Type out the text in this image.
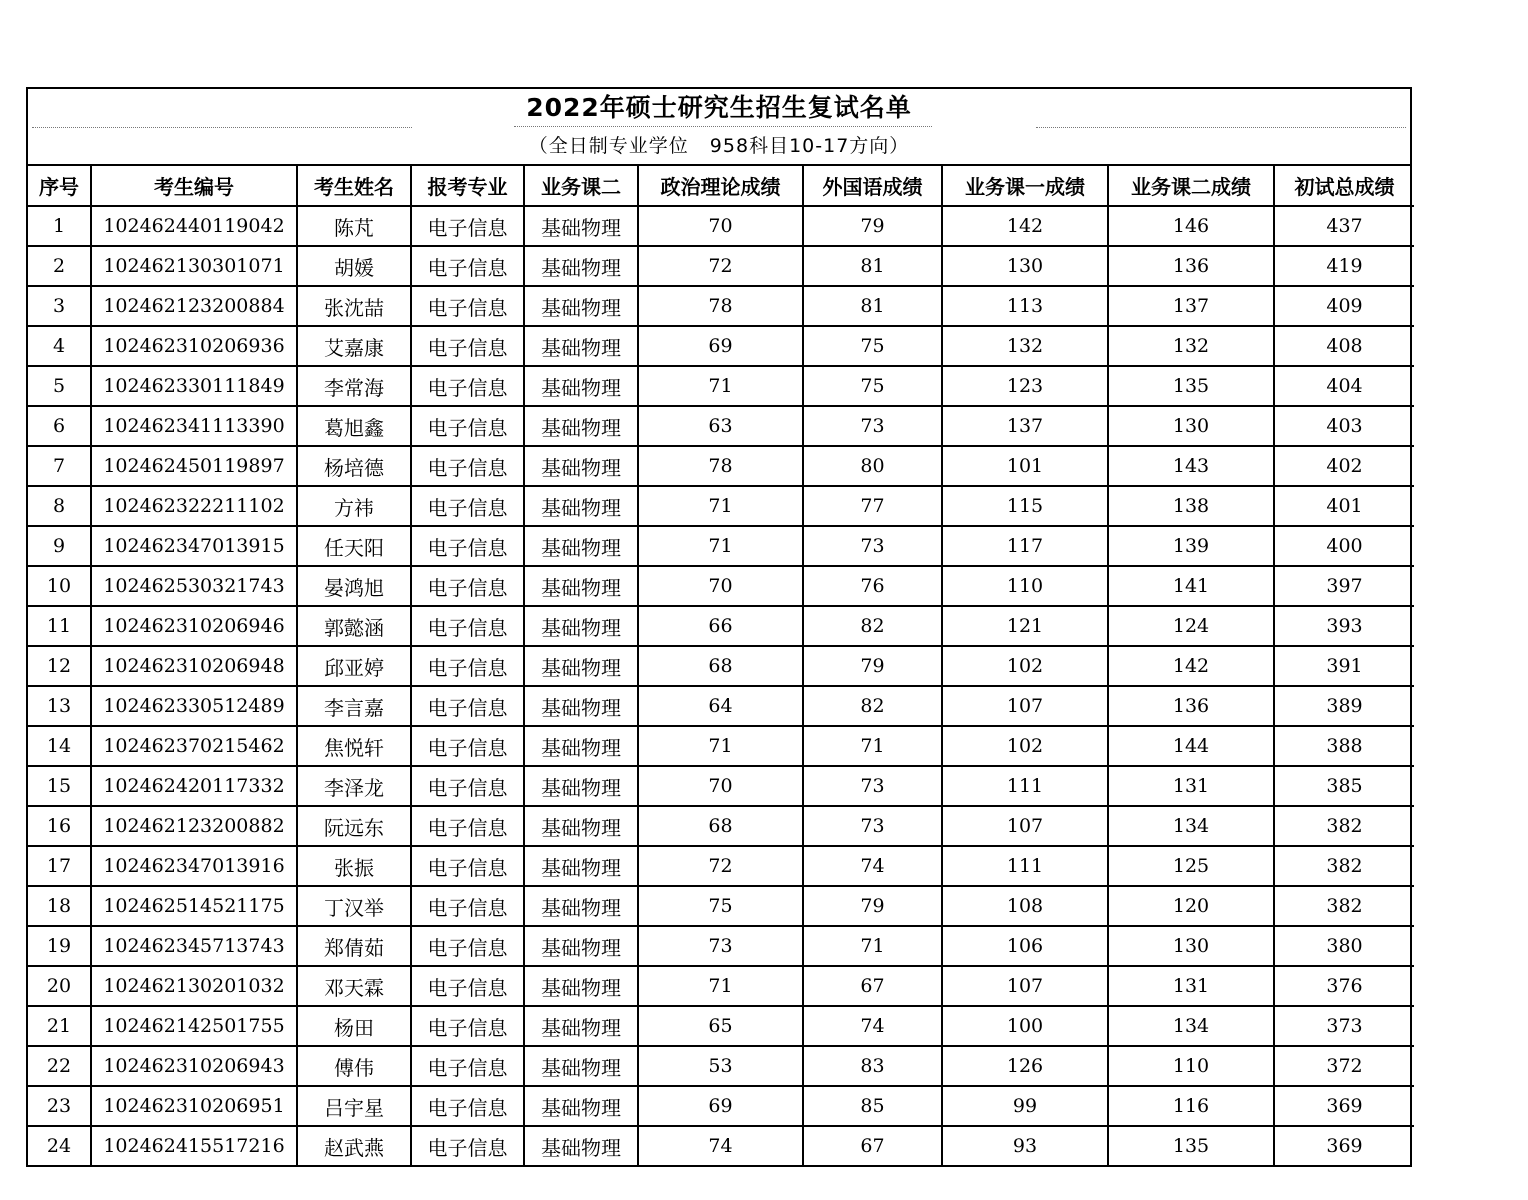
2022年硕士研究生招生复试名单
（全日制专业学位   958科目10-17方向）
序号	考生编号	考生姓名	报考专业	业务课二	政治理论成绩	外国语成绩	业务课一成绩	业务课二成绩	初试总成绩
1	102462440119042	陈芃	电子信息	基础物理	70	79	142	146	437
2	102462130301071	胡媛	电子信息	基础物理	72	81	130	136	419
3	102462123200884	张沈喆	电子信息	基础物理	78	81	113	137	409
4	102462310206936	艾嘉康	电子信息	基础物理	69	75	132	132	408
5	102462330111849	李常海	电子信息	基础物理	71	75	123	135	404
6	102462341113390	葛旭鑫	电子信息	基础物理	63	73	137	130	403
7	102462450119897	杨培德	电子信息	基础物理	78	80	101	143	402
8	102462322211102	方祎	电子信息	基础物理	71	77	115	138	401
9	102462347013915	任天阳	电子信息	基础物理	71	73	117	139	400
10	102462530321743	晏鸿旭	电子信息	基础物理	70	76	110	141	397
11	102462310206946	郭懿涵	电子信息	基础物理	66	82	121	124	393
12	102462310206948	邱亚婷	电子信息	基础物理	68	79	102	142	391
13	102462330512489	李言嘉	电子信息	基础物理	64	82	107	136	389
14	102462370215462	焦悦轩	电子信息	基础物理	71	71	102	144	388
15	102462420117332	李泽龙	电子信息	基础物理	70	73	111	131	385
16	102462123200882	阮远东	电子信息	基础物理	68	73	107	134	382
17	102462347013916	张振	电子信息	基础物理	72	74	111	125	382
18	102462514521175	丁汉举	电子信息	基础物理	75	79	108	120	382
19	102462345713743	郑倩茹	电子信息	基础物理	73	71	106	130	380
20	102462130201032	邓天霖	电子信息	基础物理	71	67	107	131	376
21	102462142501755	杨田	电子信息	基础物理	65	74	100	134	373
22	102462310206943	傅伟	电子信息	基础物理	53	83	126	110	372
23	102462310206951	吕宇星	电子信息	基础物理	69	85	99	116	369
24	102462415517216	赵武燕	电子信息	基础物理	74	67	93	135	369
